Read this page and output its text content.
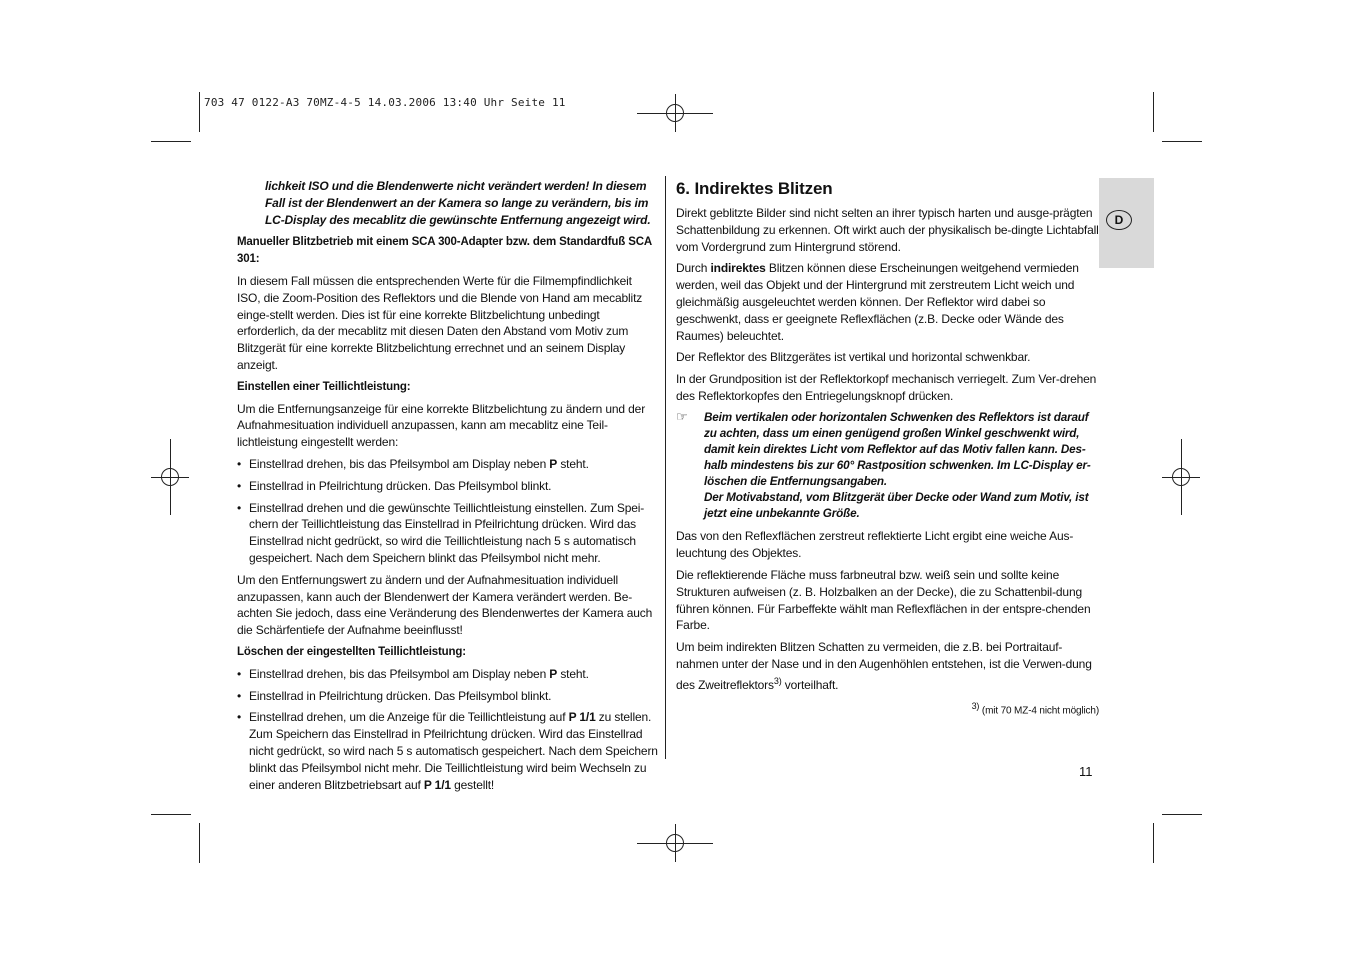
703 47 0122-A3 70MZ-4-5 14.03.2006 13:40 Uhr Seite 11

lichkeit ISO und die Blendenwerte nicht verändert werden! In diesem Fall ist der Blendenwert an der Kamera so lange zu verändern, bis im LC-Display des mecablitz die gewünschte Entfernung angezeigt wird.

Manueller Blitzbetrieb mit einem SCA 300-Adapter bzw. dem Standardfuß SCA 301:

In diesem Fall müssen die entsprechenden Werte für die Filmempfindlichkeit ISO, die Zoom-Position des Reflektors und die Blende von Hand am mecablitz einge-stellt werden. Dies ist für eine korrekte Blitzbelichtung unbedingt erforderlich, da der mecablitz mit diesen Daten den Abstand vom Motiv zum Blitzgerät für eine korrekte Blitzbelichtung errechnet und an seinem Display anzeigt.

Einstellen einer Teillichtleistung:

Um die Entfernungsanzeige für eine korrekte Blitzbelichtung zu ändern und der Aufnahmesituation individuell anzupassen, kann am mecablitz eine Teil-lichtleistung eingestellt werden:

• Einstellrad drehen, bis das Pfeilsymbol am Display neben P steht.
• Einstellrad in Pfeilrichtung drücken. Das Pfeilsymbol blinkt.
• Einstellrad drehen und die gewünschte Teillichtleistung einstellen. Zum Spei-chern der Teillichtleistung das Einstellrad in Pfeilrichtung drücken. Wird das Einstellrad nicht gedrückt, so wird die Teillichtleistung nach 5 s automatisch gespeichert. Nach dem Speichern blinkt das Pfeilsymbol nicht mehr.

Um den Entfernungswert zu ändern und der Aufnahmesituation individuell anzupassen, kann auch der Blendenwert der Kamera verändert werden. Be-achten Sie jedoch, dass eine Veränderung des Blendenwertes der Kamera auch die Schärfentiefe der Aufnahme beeinflusst!

Löschen der eingestellten Teillichtleistung:

• Einstellrad drehen, bis das Pfeilsymbol am Display neben P steht.
• Einstellrad in Pfeilrichtung drücken. Das Pfeilsymbol blinkt.
• Einstellrad drehen, um die Anzeige für die Teillichtleistung auf P 1/1 zu stellen. Zum Speichern das Einstellrad in Pfeilrichtung drücken. Wird das Einstellrad nicht gedrückt, so wird nach 5 s automatisch gespeichert. Nach dem Speichern blinkt das Pfeilsymbol nicht mehr. Die Teillichtleistung wird beim Wechseln zu einer anderen Blitzbetriebsart auf P 1/1 gestellt!

6. Indirektes Blitzen

Direkt geblitzte Bilder sind nicht selten an ihrer typisch harten und ausge-prägten Schattenbildung zu erkennen. Oft wirkt auch der physikalisch be-dingte Lichtabfall vom Vordergrund zum Hintergrund störend.

Durch indirektes Blitzen können diese Erscheinungen weitgehend vermieden werden, weil das Objekt und der Hintergrund mit zerstreutem Licht weich und gleichmäßig ausgeleuchtet werden können. Der Reflektor wird dabei so geschwenkt, dass er geeignete Reflexflächen (z.B. Decke oder Wände des Raumes) beleuchtet.

Der Reflektor des Blitzgerätes ist vertikal und horizontal schwenkbar.

In der Grundposition ist der Reflektorkopf mechanisch verriegelt. Zum Ver-drehen des Reflektorkopfes den Entriegelungsknopf drücken.

☞ Beim vertikalen oder horizontalen Schwenken des Reflektors ist darauf zu achten, dass um einen genügend großen Winkel geschwenkt wird, damit kein direktes Licht vom Reflektor auf das Motiv fallen kann. Des-halb mindestens bis zur 60° Rastposition schwenken. Im LC-Display er-löschen die Entfernungsangaben.
Der Motivabstand, vom Blitzgerät über Decke oder Wand zum Motiv, ist jetzt eine unbekannte Größe.

Das von den Reflexflächen zerstreut reflektierte Licht ergibt eine weiche Aus-leuchtung des Objektes.

Die reflektierende Fläche muss farbneutral bzw. weiß sein und sollte keine Strukturen aufweisen (z. B. Holzbalken an der Decke), die zu Schattenbil-dung führen können. Für Farbeffekte wählt man Reflexflächen in der entspre-chenden Farbe.

Um beim indirekten Blitzen Schatten zu vermeiden, die z.B. bei Portraitauf-nahmen unter der Nase und in den Augenhöhlen entstehen, ist die Verwen-dung des Zweitreflektors$^{3)}$ vorteilhaft.

$^{3)}$ (mit 70 MZ-4 nicht möglich)
D
11
